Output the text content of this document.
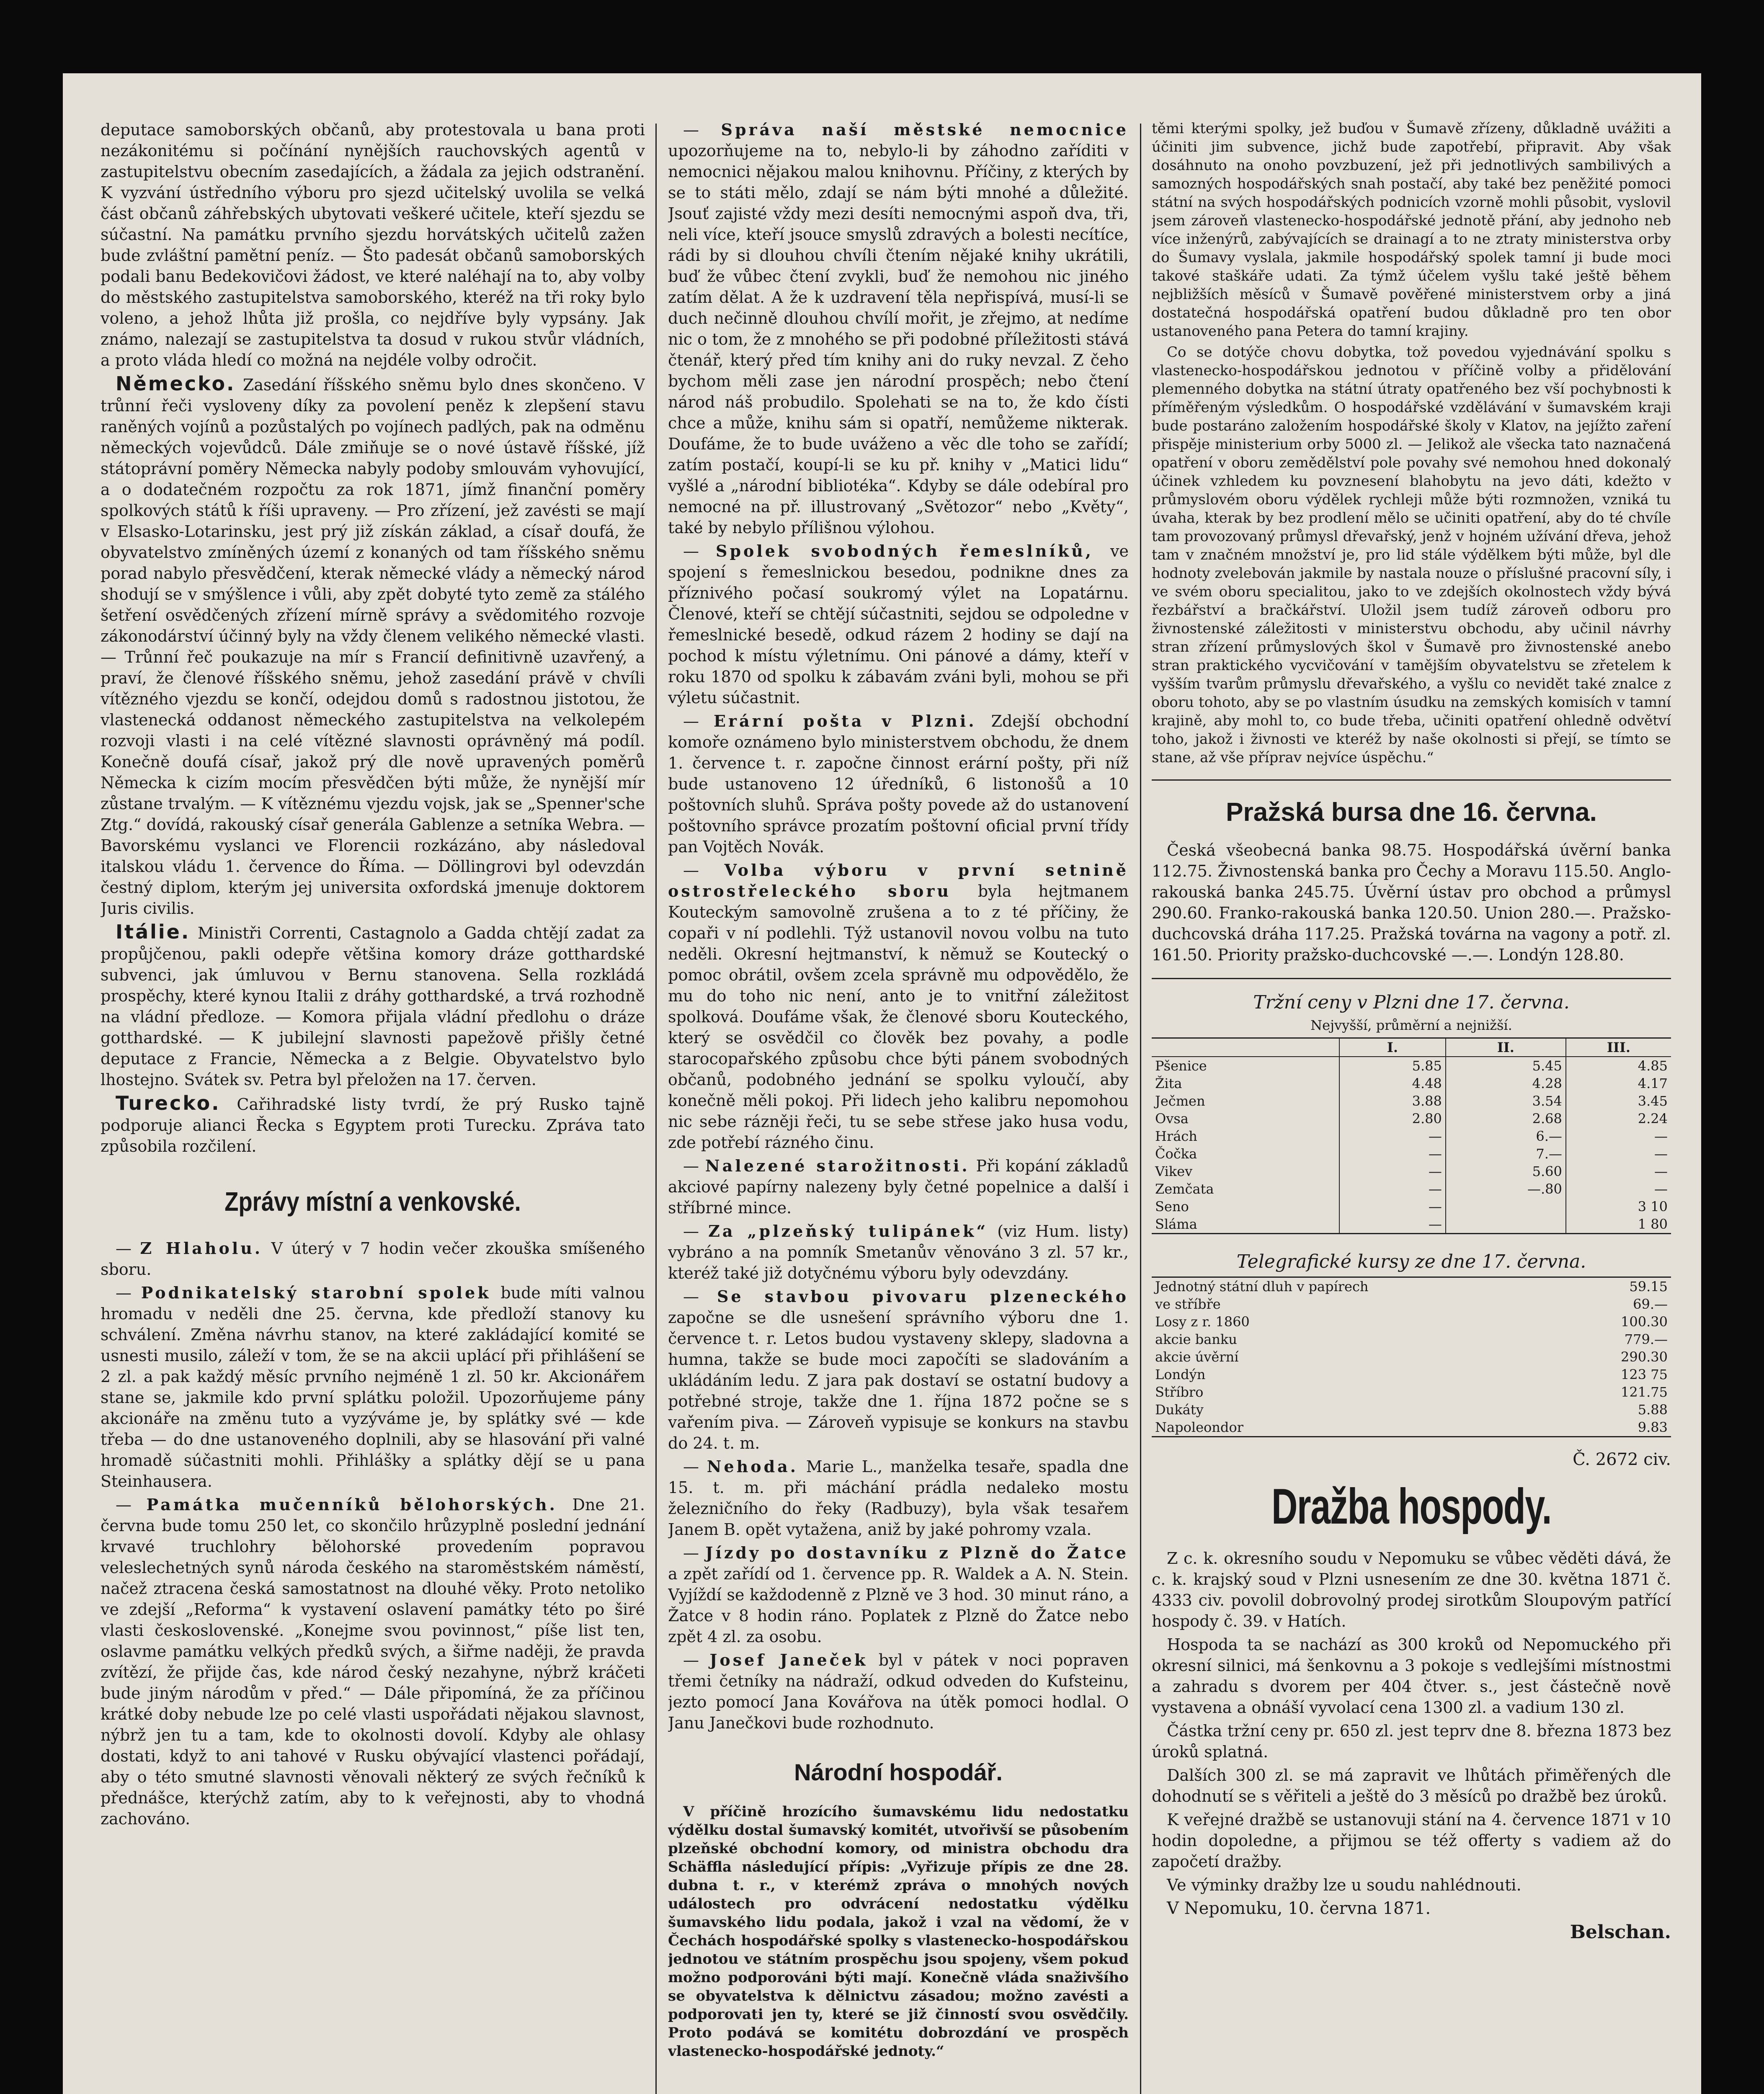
deputace samoborských občanů, aby protestovala u bana proti nezákonitému si počínání nynějších rauchovských agentů v zastupitelstvu obecním zasedajících, a žádala za jejich odstranění. K vyzvání ústředního výboru pro sjezd učitelský uvolila se velká část občanů záhřebských ubytovati veškeré učitele, kteří sjezdu se súčastní. Na památku prvního sjezdu horvátských učitelů zažen bude zvláštní pamětní peníz. — Što padesát občanů samoborských podali banu Bedekovičovi žádost, ve které naléhají na to, aby volby do městského zastupitelstva samoborského, kteréž na tři roky bylo voleno, a jehož lhůta již prošla, co nejdříve byly vypsány. Jak známo, nalezají se zastupitelstva ta dosud v rukou stvůr vládních, a proto vláda hledí co možná na nejdéle volby odročit.

Německo. Zasedání říšského sněmu bylo dnes skončeno. V trůnní řeči vysloveny díky za povolení peněz k zlepšení stavu raněných vojínů a pozůstalých po vojínech padlých, pak na odměnu německých vojevůdců. Dále zmiňuje se o nové ústavě říšské, jíž státoprávní poměry Německa nabyly podoby smlouvám vyhovující, a o dodatečném rozpočtu za rok 1871, jímž finanční poměry spolkových států k říši upraveny. — Pro zřízení, jež zavésti se mají v Elsasko-Lotarinsku, jest prý již získán základ, a císař doufá, že obyvatelstvo zmíněných území z konaných od tam říšského sněmu porad nabylo přesvědčení, kterak německé vlády a německý národ shodují se v smýšlence i vůli, aby zpět dobyté tyto země za stálého šetření osvědčených zřízení mírně správy a svědomitého rozvoje zákonodárství účinný byly na vždy členem velikého německé vlasti. — Trůnní řeč poukazuje na mír s Francií definitivně uzavřený, a praví, že členové říšského sněmu, jehož zasedání právě v chvíli vítězného vjezdu se končí, odejdou domů s radostnou jistotou, že vlastenecká oddanost německého zastupitelstva na velkolepém rozvoji vlasti i na celé vítězné slavnosti oprávněný má podíl. Konečně doufá císař, jakož prý dle nově upravených poměrů Německa k cizím mocím přesvědčen býti může, že nynější mír zůstane trvalým. — K vítěznému vjezdu vojsk, jak se „Spenner'sche Ztg.“ dovídá, rakouský císař generála Gablenze a setníka Webra. — Bavorskému vyslanci ve Florencii rozkázáno, aby následoval italskou vládu 1. července do Říma. — Döllingrovi byl odevzdán čestný diplom, kterým jej universita oxfordská jmenuje doktorem Juris civilis.

Itálie. Ministři Correnti, Castagnolo a Gadda chtějí zadat za propůjčenou, pakli odepře většina komory dráze gotthardské subvenci, jak úmluvou v Bernu stanovena. Sella rozkládá prospěchy, které kynou Italii z dráhy gotthardské, a trvá rozhodně na vládní předloze. — Komora přijala vládní předlohu o dráze gotthardské. — K jubilejní slavnosti papežově přišly četné deputace z Francie, Německa a z Belgie. Obyvatelstvo bylo lhostejno. Svátek sv. Petra byl přeložen na 17. červen.

Turecko. Cařihradské listy tvrdí, že prý Rusko tajně podporuje alianci Řecka s Egyptem proti Turecku. Zpráva tato způsobila rozčilení.

Zprávy místní a venkovské.

— Z Hlaholu. V úterý v 7 hodin večer zkouška smíšeného sboru.

— Podnikatelský starobní spolek bude míti valnou hromadu v neděli dne 25. června, kde předloží stanovy ku schválení. Změna návrhu stanov, na které zakládající komité se usnesti musilo, záleží v tom, že se na akcii uplácí při přihlášení se 2 zl. a pak každý měsíc prvního nejméně 1 zl. 50 kr. Akcionářem stane se, jakmile kdo první splátku položil. Upozorňujeme pány akcionáře na změnu tuto a vyzýváme je, by splátky své — kde třeba — do dne ustanoveného doplnili, aby se hlasování při valné hromadě súčastniti mohli. Přihlášky a splátky dějí se u pana Steinhausera.

— Památka mučenníků bělohorských. Dne 21. června bude tomu 250 let, co skončilo hrůzyplně poslední jednání krvavé truchlohry bělohorské provedením popravou veleslechetných synů národa českého na staroměstském náměstí, načež ztracena česká samostatnost na dlouhé věky. Proto netoliko ve zdejší „Reforma“ k vystavení oslavení památky této po širé vlasti československé. „Konejme svou povinnost,“ píše list ten, oslavme památku velkých předků svých, a šiřme naději, že pravda zvítězí, že přijde čas, kde národ český nezahyne, nýbrž kráčeti bude jiným národům v před.“ — Dále připomíná, že za příčinou krátké doby nebude lze po celé vlasti uspořádati nějakou slavnost, nýbrž jen tu a tam, kde to okolnosti dovolí. Kdyby ale ohlasy dostati, když to ani tahové v Rusku obývající vlastenci pořádají, aby o této smutné slavnosti věnovali některý ze svých řečníků k přednášce, kterýchž zatím, aby to k veřejnosti, aby to vhodná zachováno.

— Správa naší městské nemocnice upozorňujeme na to, nebylo-li by záhodno zaříditi v nemocnici nějakou malou knihovnu. Příčiny, z kterých by se to státi mělo, zdají se nám býti mnohé a důležité. Jsouť zajisté vždy mezi desíti nemocnými aspoň dva, tři, neli více, kteří jsouce smyslů zdravých a bolesti necítíce, rádi by si dlouhou chvíli čtením nějaké knihy ukrátili, buď že vůbec čtení zvykli, buď že nemohou nic jiného zatím dělat. A že k uzdravení těla nepřispívá, musí-li se duch nečinně dlouhou chvílí mořit, je zřejmo, at nedíme nic o tom, že z mnohého se při podobné příležitosti stává čtenář, který před tím knihy ani do ruky nevzal. Z čeho bychom měli zase jen národní prospěch; nebo čtení národ náš probudilo. Spolehati se na to, že kdo čísti chce a může, knihu sám si opatří, nemůžeme nikterak. Doufáme, že to bude uváženo a věc dle toho se zařídí; zatím postačí, koupí-li se ku př. knihy v „Matici lidu“ vyšlé a „národní bibliotéka“. Kdyby se dále odebíral pro nemocné na př. illustrovaný „Světozor“ nebo „Květy“, také by nebylo přílišnou výlohou.

— Spolek svobodných řemeslníků, ve spojení s řemeslnickou besedou, podnikne dnes za příznivého počasí soukromý výlet na Lopatárnu. Členové, kteří se chtějí súčastniti, sejdou se odpoledne v řemeslnické besedě, odkud rázem 2 hodiny se dají na pochod k místu výletnímu. Oni pánové a dámy, kteří v roku 1870 od spolku k zábavám zváni byli, mohou se při výletu súčastnit.

— Erární pošta v Plzni. Zdejší obchodní komoře oznámeno bylo ministerstvem obchodu, že dnem 1. července t. r. započne činnost erární pošty, při níž bude ustanoveno 12 úředníků, 6 listonošů a 10 poštovních sluhů. Správa pošty povede až do ustanovení poštovního správce prozatím poštovní oficial první třídy pan Vojtěch Novák.

— Volba výboru v první setnině ostrostřeleckého sboru byla hejtmanem Kouteckým samovolně zrušena a to z té příčiny, že copaři v ní podlehli. Týž ustanovil novou volbu na tuto neděli. Okresní hejtmanství, k němuž se Koutecký o pomoc obrátil, ovšem zcela správně mu odpovědělo, že mu do toho nic není, anto je to vnitřní záležitost spolková. Doufáme však, že členové sboru Kouteckého, který se osvědčil co člověk bez povahy, a podle starocopařského způsobu chce býti pánem svobodných občanů, podobného jednání se spolku vyloučí, aby konečně měli pokoj. Při lidech jeho kalibru nepomohou nic sebe rázněji řeči, tu se sebe střese jako husa vodu, zde potřebí rázného činu.

— Nalezené starožitnosti. Při kopání základů akciové papírny nalezeny byly četné popelnice a další i stříbrné mince.

— Za „plzeňský tulipánek“ (viz Hum. listy) vybráno a na pomník Smetanův věnováno 3 zl. 57 kr., kteréž také již dotyčnému výboru byly odevzdány.

— Se stavbou pivovaru plzeneckého započne se dle usnešení správního výboru dne 1. července t. r. Letos budou vystaveny sklepy, sladovna a humna, takže se bude moci započíti se sladováním a ukládáním ledu. Z jara pak dostaví se ostatní budovy a potřebné stroje, takže dne 1. října 1872 počne se s vařením piva. — Zároveň vypisuje se konkurs na stavbu do 24. t. m.

— Nehoda. Marie L., manželka tesaře, spadla dne 15. t. m. při máchání prádla nedaleko mostu železničního do řeky (Radbuzy), byla však tesařem Janem B. opět vytažena, aniž by jaké pohromy vzala.

— Jízdy po dostavníku z Plzně do Žatce a zpět zařídí od 1. července pp. R. Waldek a A. N. Stein. Vyjíždí se každodenně z Plzně ve 3 hod. 30 minut ráno, a Žatce v 8 hodin ráno. Poplatek z Plzně do Žatce nebo zpět 4 zl. za osobu.

— Josef Janeček byl v pátek v noci popraven třemi četníky na nádraží, odkud odveden do Kufsteinu, jezto pomocí Jana Kovářova na útěk pomoci hodlal. O Janu Janečkovi bude rozhodnuto.

Národní hospodář.

V příčině hrozícího šumavskému lidu nedostatku výdělku dostal šumavský komitét, utvořivší se působením plzeňské obchodní komory, od ministra obchodu dra Schäffla následující přípis: „Vyřizuje přípis ze dne 28. dubna t. r., v kterémž zpráva o mnohých nových událostech pro odvrácení nedostatku výdělku šumavského lidu podala, jakož i vzal na vědomí, že v Čechách hospodářské spolky s vlastenecko-hospodářskou jednotou ve státním prospěchu jsou spojeny, všem pokud možno podporováni býti mají. Konečně vláda snaživšího se obyvatelstva k dělnictvu zásadou; možno zavésti a podporovati jen ty, které se již činností svou osvědčily. Proto podává se komitétu dobrozdání ve prospěch vlastenecko-hospodářské jednoty.“

těmi kterými spolky, jež buďou v Šumavě zřízeny, důkladně uvážiti a účiniti jim subvence, jichž bude zapotřebí, připravit. Aby však dosáhnuto na onoho povzbuzení, jež při jednotlivých sambilivých a samozných hospodářských snah postačí, aby také bez peněžité pomoci státní na svých hospodářských podnicích vzorně mohli působit, vyslovil jsem zároveň vlastenecko-hospodářské jednotě přání, aby jednoho neb více inženýrů, zabývajících se drainagí a to ne ztraty ministerstva orby do Šumavy vyslala, jakmile hospodářský spolek tamní ji bude moci takové staškáře udati. Za týmž účelem vyšlu také ještě během nejbližších měsíců v Šumavě pověřené ministerstvem orby a jiná dostatečná hospodářská opatření budou důkladně pro ten obor ustanoveného pana Petera do tamní krajiny.

Co se dotýče chovu dobytka, tož povedou vyjednávání spolku s vlastenecko-hospodářskou jednotou v příčině volby a přidělování plemenného dobytka na státní útraty opatřeného bez vší pochybnosti k příměřeným výsledkům. O hospodářské vzdělávání v šumavském kraji bude postaráno založením hospodářské školy v Klatov, na jejížto zaření přispěje ministerium orby 5000 zl. — Jelikož ale všecka tato naznačená opatření v oboru zemědělství pole povahy své nemohou hned dokonalý účinek vzhledem ku povznesení blahobytu na jevo dáti, kdežto v průmyslovém oboru výdělek rychleji může býti rozmnožen, vzniká tu úvaha, kterak by bez prodlení mělo se učiniti opatření, aby do té chvíle tam provozovaný průmysl dřevařský, jenž v hojném užívání dřeva, jehož tam v značném množství je, pro lid stále výdělkem býti může, byl dle hodnoty zvelebován jakmile by nastala nouze o příslušné pracovní síly, i ve svém oboru specialitou, jako to ve zdejších okolnostech vždy bývá řezbářství a bračkářství. Uložil jsem tudíž zároveň odboru pro živnostenské záležitosti v ministerstvu obchodu, aby učinil návrhy stran zřízení průmyslových škol v Šumavě pro živnostenské anebo stran praktického vycvičování v tamějším obyvatelstvu se zřetelem k vyšším tvarům průmyslu dřevařského, a vyšlu co nevidět také znalce z oboru tohoto, aby se po vlastním úsudku na zemských komisích v tamní krajině, aby mohl to, co bude třeba, učiniti opatření ohledně odvětví toho, jakož i živnosti ve kteréž by naše okolnosti si přejí, se tímto se stane, až vše příprav nejvíce úspěchu.“

Pražská bursa dne 16. června.

Česká všeobecná banka 98.75. Hospodářská úvěrní banka 112.75. Živnostenská banka pro Čechy a Moravu 115.50. Anglo-rakouská banka 245.75. Úvěrní ústav pro obchod a průmysl 290.60. Franko-rakouská banka 120.50. Union 280.—. Pražsko-duchcovská dráha 117.25. Pražská továrna na vagony a potř. zl. 161.50. Priority pražsko-duchcovské —.—. Londýn 128.80.

Tržní ceny v Plzni dne 17. června.
Nejvyšší, průměrní a nejnižší.
	I.	II.	III.
Pšenice	5.85	5.45	4.85
Žita	4.48	4.28	4.17
Ječmen	3.88	3.54	3.45
Ovsa	2.80	2.68	2.24
Hrách	—	6.—	—
Čočka	—	7.—	—
Vikev	—	5.60	—
Zemčata	—	—.80	—
Seno	—		3 10
Sláma	—		1 80
Telegrafické kursy ze dne 17. června.
Jednotný státní dluh v papírech	59.15
ve stříbře	69.—
Losy z r. 1860	100.30
akcie banku	779.—
akcie úvěrní	290.30
Londýn	123 75
Stříbro	121.75
Dukáty	5.88
Napoleondor	9.83
Č. 2672 civ.
Dražba hospody.

Z c. k. okresního soudu v Nepomuku se vůbec věděti dává, že c. k. krajský soud v Plzni usnesením ze dne 30. května 1871 č. 4333 civ. povolil dobrovolný prodej sirotkům Sloupovým patřící hospody č. 39. v Hatích.

Hospoda ta se nachází as 300 kroků od Nepomuckého při okresní silnici, má šenkovnu a 3 pokoje s vedlejšími místnostmi a zahradu s dvorem per 404 čtver. s., jest částečně nově vystavena a obnáší vyvolací cena 1300 zl. a vadium 130 zl.

Částka tržní ceny pr. 650 zl. jest teprv dne 8. března 1873 bez úroků splatná.

Dalších 300 zl. se má zapravit ve lhůtách přiměřených dle dohodnutí se s věřiteli a ještě do 3 měsíců po dražbě bez úroků.

K veřejné dražbě se ustanovuji stání na 4. července 1871 v 10 hodin dopoledne, a přijmou se též offerty s vadiem až do započetí dražby.

Ve výminky dražby lze u soudu nahlédnouti.

V Nepomuku, 10. června 1871.

Belschan.
